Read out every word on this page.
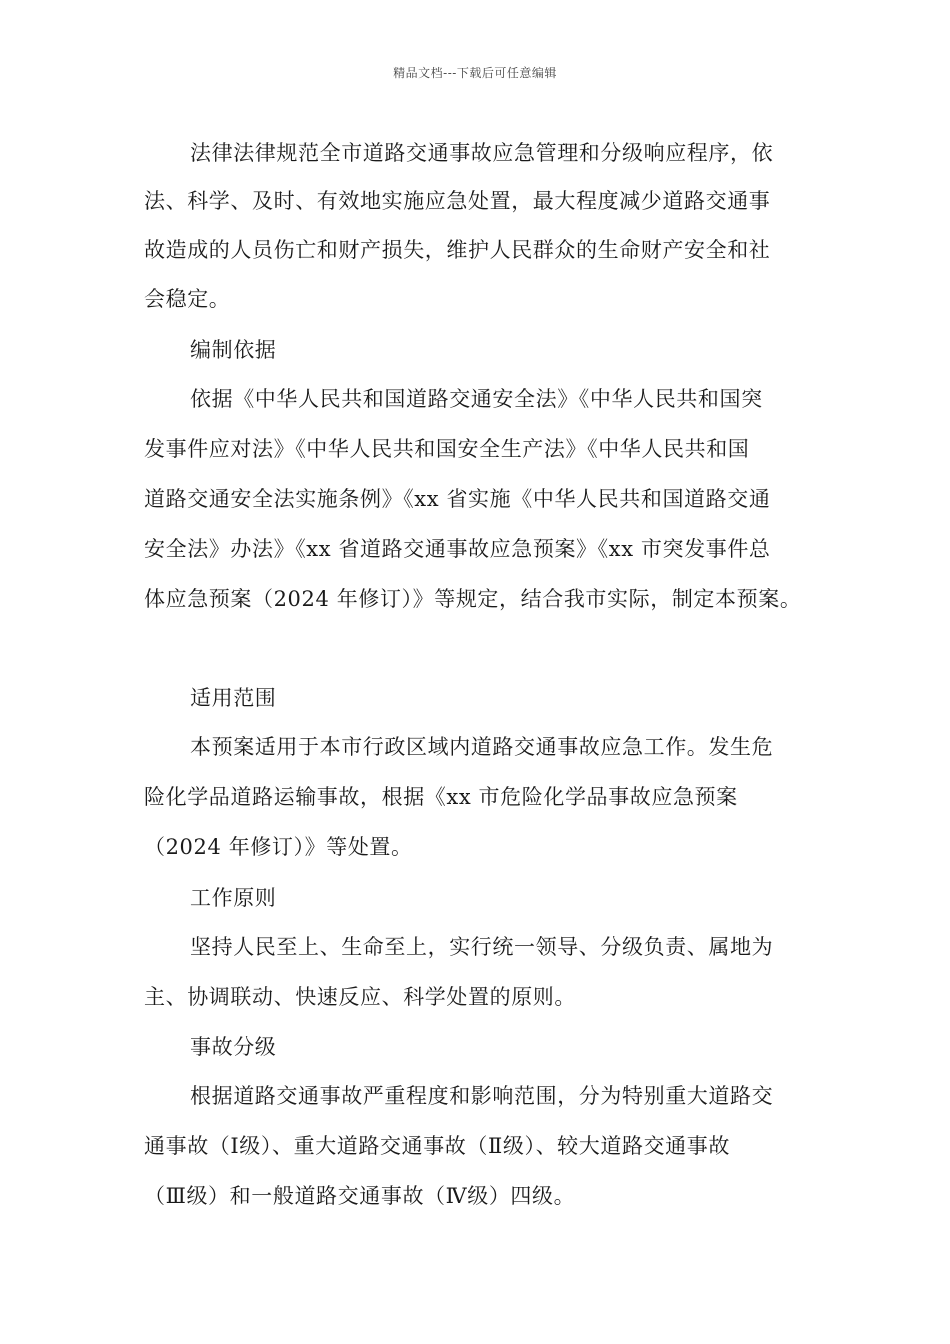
精品文档---下载后可任意编辑
法律法律规范全市道路交通事故应急管理和分级响应程序，依
法、科学、及时、有效地实施应急处置，最大程度减少道路交通事
故造成的人员伤亡和财产损失，维护人民群众的生命财产安全和社
会稳定。
编制依据
依据《中华人民共和国道路交通安全法》《中华人民共和国突
发事件应对法》《中华人民共和国安全生产法》《中华人民共和国
道路交通安全法实施条例》《xx 省实施《中华人民共和国道路交通
安全法》办法》《xx 省道路交通事故应急预案》《xx 市突发事件总
体应急预案（2024 年修订）》等规定，结合我市实际，制定本预案。
适用范围
本预案适用于本市行政区域内道路交通事故应急工作。发生危
险化学品道路运输事故，根据《xx 市危险化学品事故应急预案
（2024 年修订）》等处置。
工作原则
坚持人民至上、生命至上，实行统一领导、分级负责、属地为
主、协调联动、快速反应、科学处置的原则。
事故分级
根据道路交通事故严重程度和影响范围，分为特别重大道路交
通事故（Ⅰ级）、重大道路交通事故（Ⅱ级）、较大道路交通事故
（Ⅲ级）和一般道路交通事故（Ⅳ级）四级。
